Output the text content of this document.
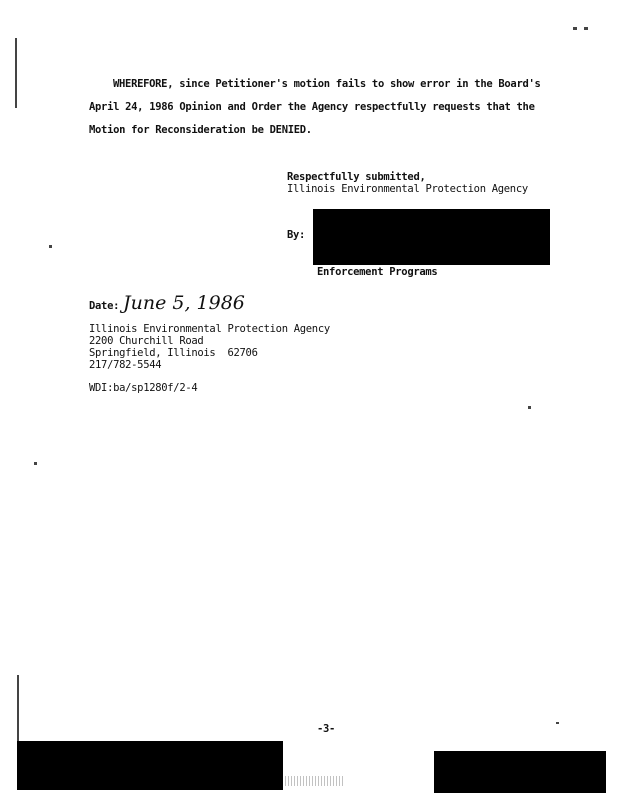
WHEREFORE, since Petitioner's motion fails to show error in the Board's
April 24, 1986 Opinion and Order the Agency respectfully requests that the
Motion for Reconsideration be DENIED.
Respectfully submitted,
Illinois Environmental Protection Agency
By:
Enforcement Programs
Date: June 5, 1986
Illinois Environmental Protection Agency
2200 Churchill Road
Springfield, Illinois  62706
217/782-5544
WDI:ba/sp1280f/2-4
-3-
